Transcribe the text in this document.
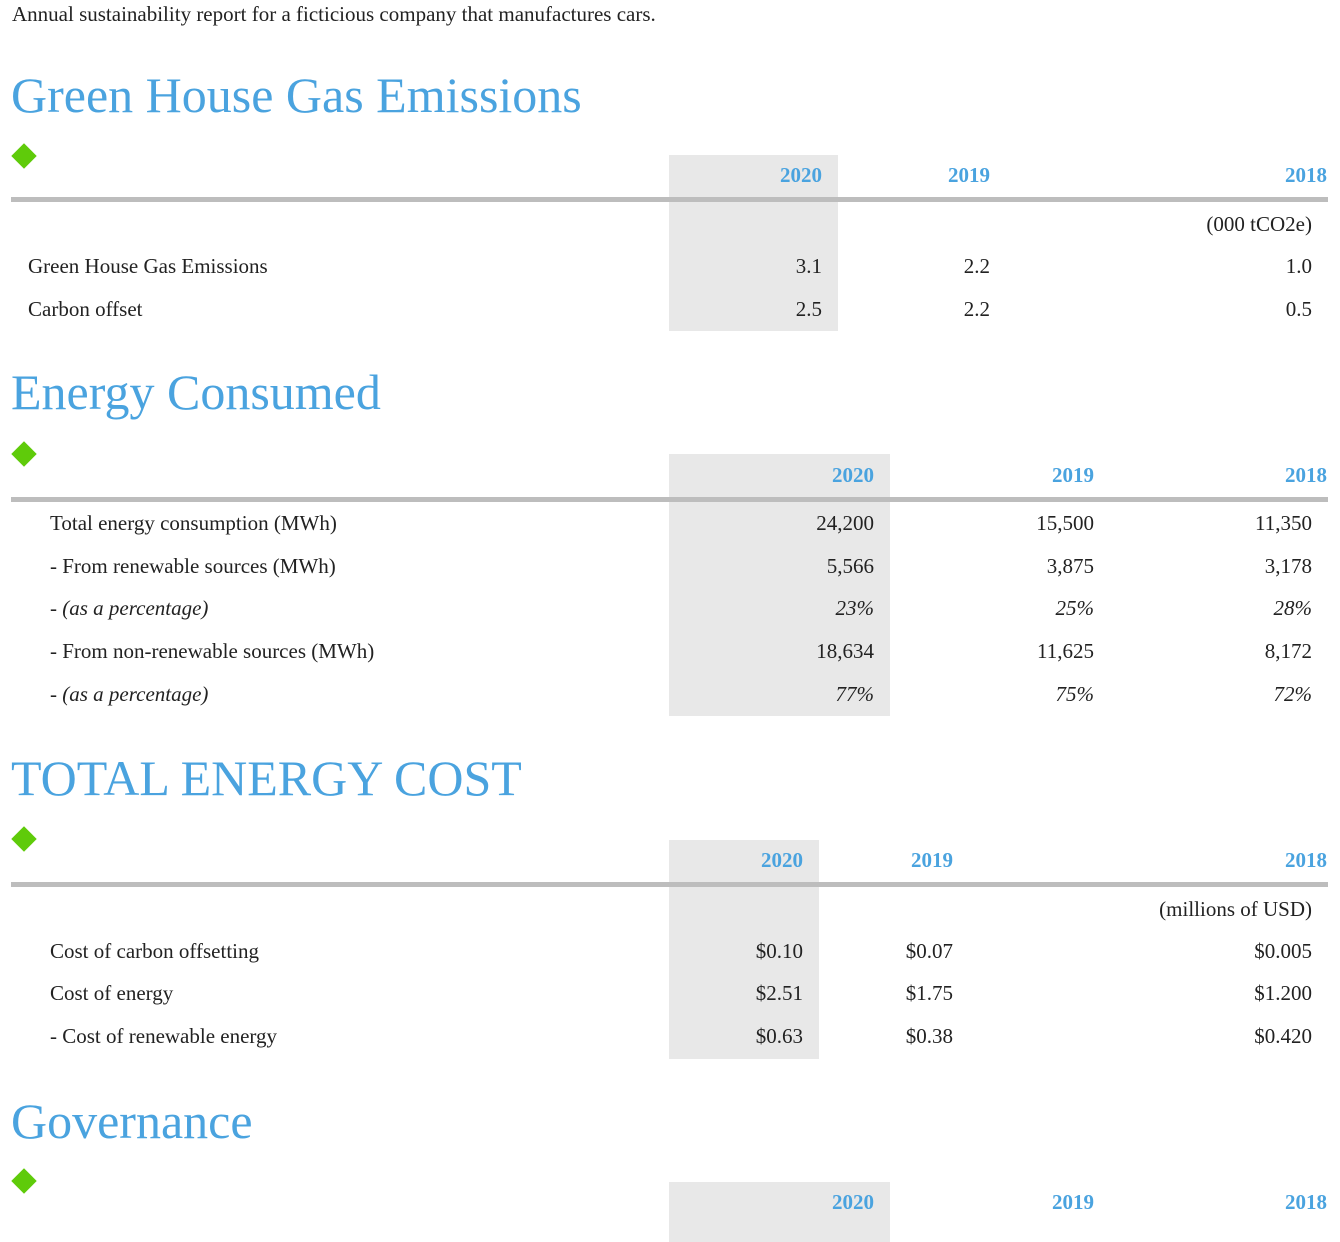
Annual sustainability report for a ficticious company that manufactures cars.
Green House Gas Emissions
2020	2019	2018
(000 tCO2e)
Green House Gas Emissions	3.1	2.2	1.0
Carbon offset	2.5	2.2	0.5
Energy Consumed
2020	2019	2018
Total energy consumption (MWh)	24,200	15,500	11,350
- From renewable sources (MWh)	5,566	3,875	3,178
- (as a percentage)	23%	25%	28%
- From non-renewable sources (MWh)	18,634	11,625	8,172
- (as a percentage)	77%	75%	72%
TOTAL ENERGY COST
2020	2019	2018
(millions of USD)
Cost of carbon offsetting	$0.10	$0.07	$0.005
Cost of energy	$2.51	$1.75	$1.200
- Cost of renewable energy	$0.63	$0.38	$0.420
Governance
2020	2019	2018
